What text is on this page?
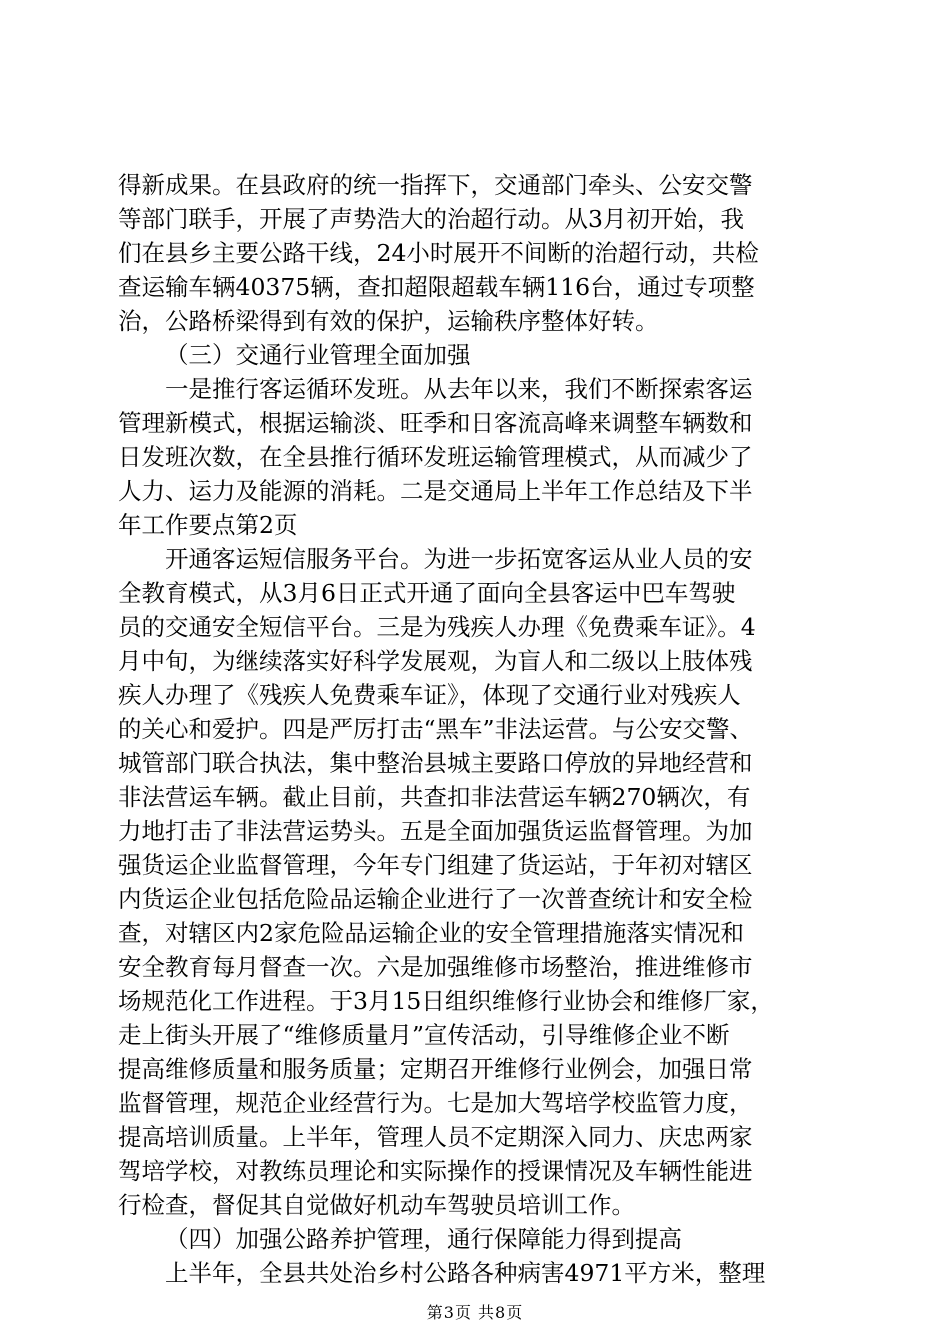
得新成果。在县政府的统一指挥下，交通部门牵头、公安交警
等部门联手，开展了声势浩大的治超行动。从3月初开始，我
们在县乡主要公路干线，24小时展开不间断的治超行动，共检
查运输车辆40375辆，查扣超限超载车辆116台，通过专项整
治，公路桥梁得到有效的保护，运输秩序整体好转。
（三）交通行业管理全面加强
一是推行客运循环发班。从去年以来，我们不断探索客运
管理新模式，根据运输淡、旺季和日客流高峰来调整车辆数和
日发班次数，在全县推行循环发班运输管理模式，从而减少了
人力、运力及能源的消耗。二是交通局上半年工作总结及下半
年工作要点第2页
开通客运短信服务平台。为进一步拓宽客运从业人员的安
全教育模式，从3月6日正式开通了面向全县客运中巴车驾驶
员的交通安全短信平台。三是为残疾人办理《免费乘车证》。4
月中旬，为继续落实好科学发展观，为盲人和二级以上肢体残
疾人办理了《残疾人免费乘车证》，体现了交通行业对残疾人
的关心和爱护。四是严厉打击“黑车”非法运营。与公安交警、
城管部门联合执法，集中整治县城主要路口停放的异地经营和
非法营运车辆。截止目前，共查扣非法营运车辆270辆次，有
力地打击了非法营运势头。五是全面加强货运监督管理。为加
强货运企业监督管理，今年专门组建了货运站，于年初对辖区
内货运企业包括危险品运输企业进行了一次普查统计和安全检
查，对辖区内2家危险品运输企业的安全管理措施落实情况和
安全教育每月督查一次。六是加强维修市场整治，推进维修市
场规范化工作进程。于3月15日组织维修行业协会和维修厂家，
走上街头开展了“维修质量月”宣传活动，引导维修企业不断
提高维修质量和服务质量；定期召开维修行业例会，加强日常
监督管理，规范企业经营行为。七是加大驾培学校监管力度，
提高培训质量。上半年，管理人员不定期深入同力、庆忠两家
驾培学校，对教练员理论和实际操作的授课情况及车辆性能进
行检查，督促其自觉做好机动车驾驶员培训工作。
（四）加强公路养护管理，通行保障能力得到提高
上半年，全县共处治乡村公路各种病害4971平方米，整理
第3页 共8页
